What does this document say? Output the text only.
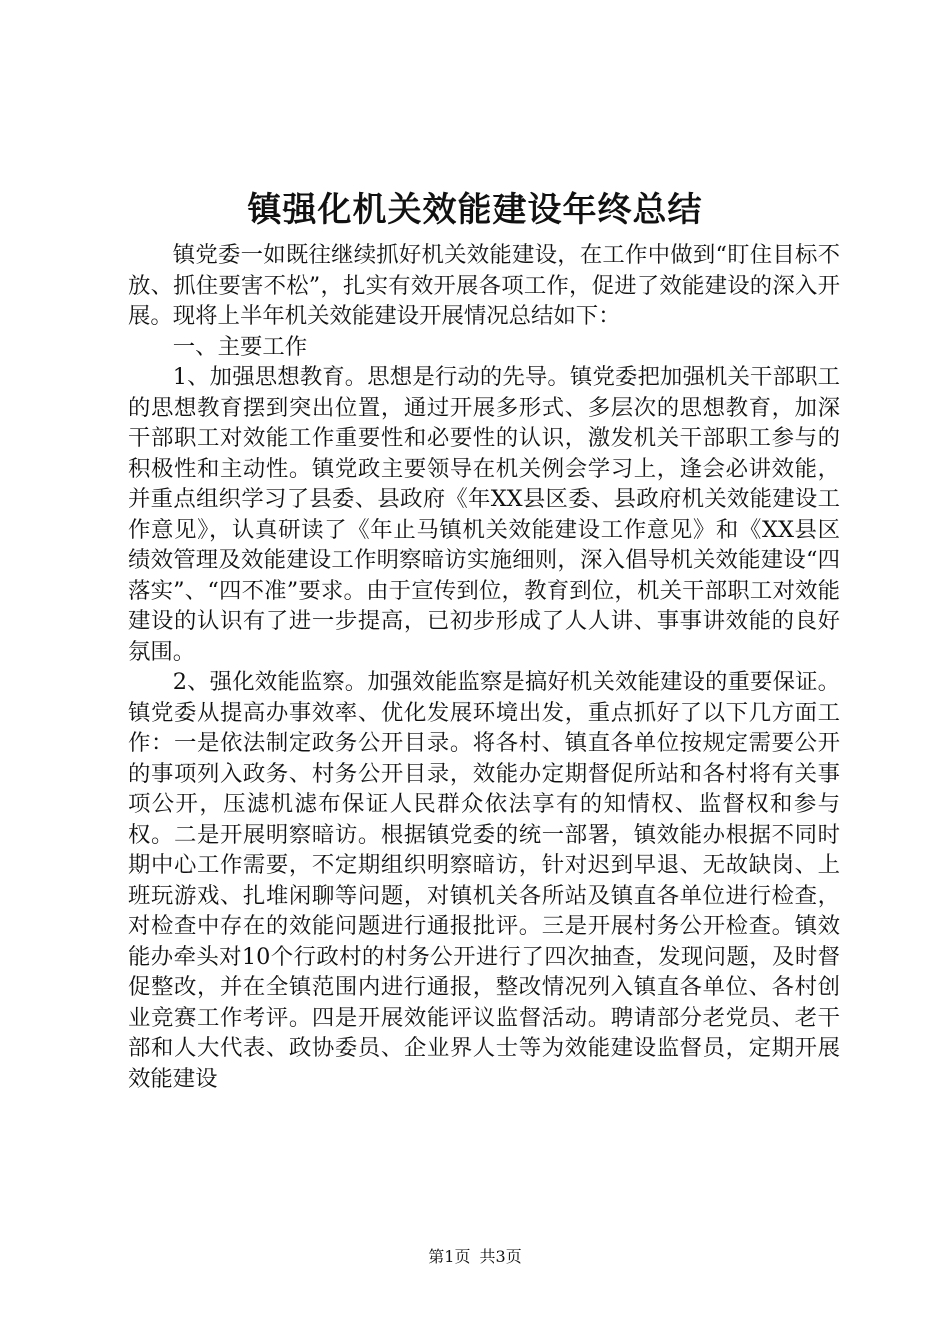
镇强化机关效能建设年终总结

镇党委一如既往继续抓好机关效能建设，在工作中做到“盯住目标不放、抓住要害不松”，扎实有效开展各项工作，促进了效能建设的深入开展。现将上半年机关效能建设开展情况总结如下：

一、主要工作

1、加强思想教育。思想是行动的先导。镇党委把加强机关干部职工的思想教育摆到突出位置，通过开展多形式、多层次的思想教育，加深干部职工对效能工作重要性和必要性的认识，激发机关干部职工参与的积极性和主动性。镇党政主要领导在机关例会学习上，逢会必讲效能，并重点组织学习了县委、县政府《年XX县区委、县政府机关效能建设工作意见》，认真研读了《年止马镇机关效能建设工作意见》和《XX县区绩效管理及效能建设工作明察暗访实施细则，深入倡导机关效能建设“四落实”、“四不准”要求。由于宣传到位，教育到位，机关干部职工对效能建设的认识有了进一步提高，已初步形成了人人讲、事事讲效能的良好氛围。

2、强化效能监察。加强效能监察是搞好机关效能建设的重要保证。镇党委从提高办事效率、优化发展环境出发，重点抓好了以下几方面工作：一是依法制定政务公开目录。将各村、镇直各单位按规定需要公开的事项列入政务、村务公开目录，效能办定期督促所站和各村将有关事项公开，压滤机滤布保证人民群众依法享有的知情权、监督权和参与权。二是开展明察暗访。根据镇党委的统一部署，镇效能办根据不同时期中心工作需要，不定期组织明察暗访，针对迟到早退、无故缺岗、上班玩游戏、扎堆闲聊等问题，对镇机关各所站及镇直各单位进行检查，对检查中存在的效能问题进行通报批评。三是开展村务公开检查。镇效能办牵头对10个行政村的村务公开进行了四次抽查，发现问题，及时督促整改，并在全镇范围内进行通报，整改情况列入镇直各单位、各村创业竞赛工作考评。四是开展效能评议监督活动。聘请部分老党员、老干部和人大代表、政协委员、企业界人士等为效能建设监督员，定期开展效能建设

第1页 共3页
